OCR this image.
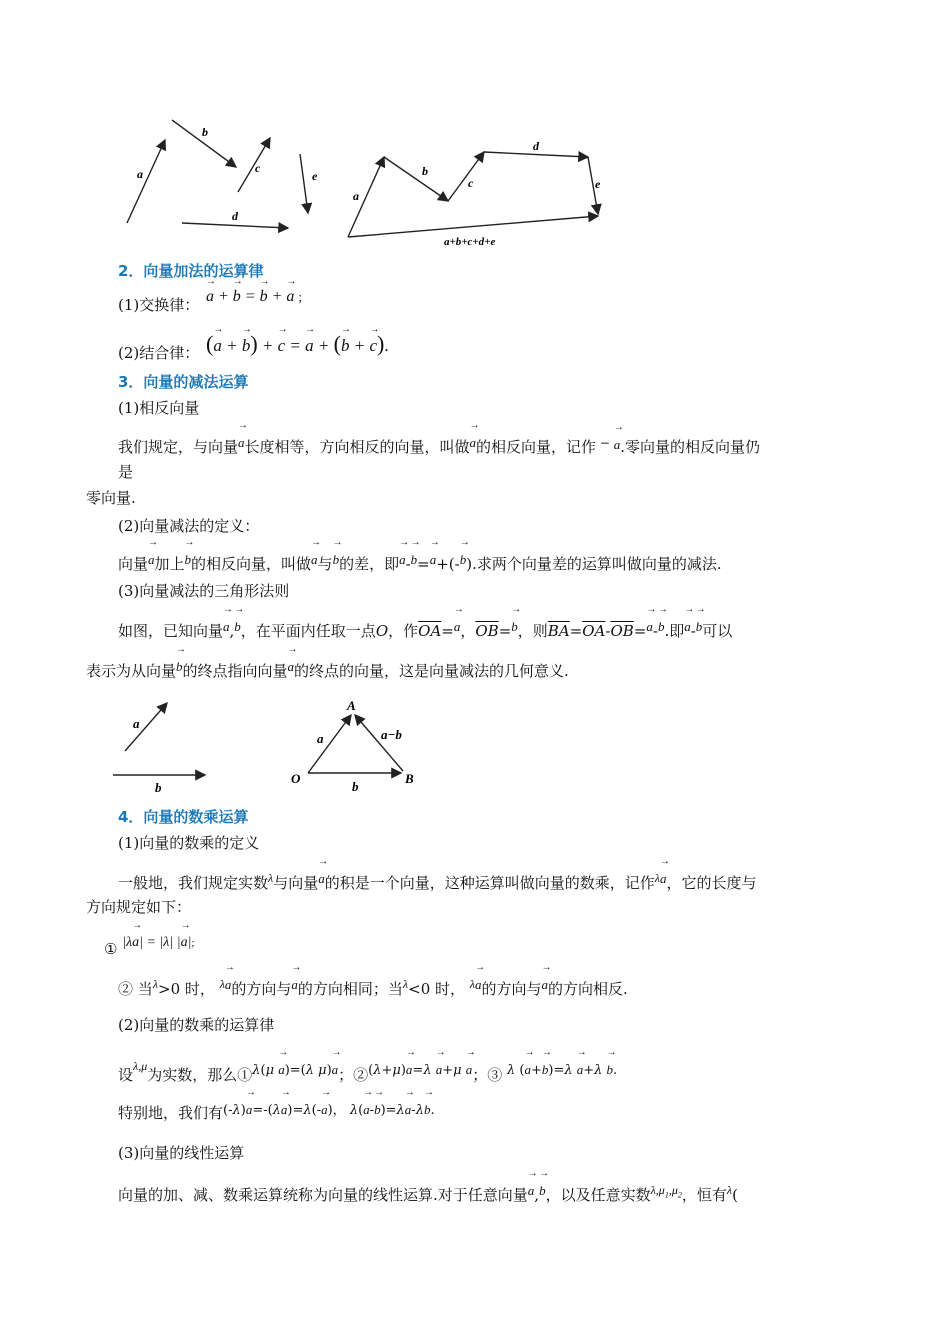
a
b
c
d
e
a
b
c
d
e
a+b+c+d+e
2．向量加法的运算律
(1)交换律： → a + → b = → b + → a ;
(2)结合律： (→ a + → b) + → c = → a + (→ b + → c).
3．向量的减法运算
(1)相反向量
我们规定，与向量→ a长度相等，方向相反的向量，叫做→ a的相反向量，记作 − → a.零向量的相反向量仍
是
零向量.
(2)向量减法的定义：
向量→ a加上→ b的相反向量，叫做→ a与→ b的差，即→ a-→ b=→ a+(-→ b).求两个向量差的运算叫做向量的减法.
(3)向量减法的三角形法则
如图，已知向量→ a,→ b，在平面内任取一点O，作$\overline{OA}=\to a$，$\overline{OB}=\to b$，则$\overline{BA}=\overline{OA}-\overline{OB}=\to a-\to b$.即→ a-→ b可以
表示为从向量→ b的终点指向向量→ a的终点的向量，这是向量减法的几何意义.
a
b
a	a−b
b
O
A
B
4．向量的数乘运算
(1)向量的数乘的定义
一般地，我们规定实数$^\lambda$与向量→ a的积是一个向量，这种运算叫做向量的数乘，记作$^\lambda$→ a，它的长度与
方向规定如下：
① |λ→ a| = |λ| |→ a|;
② 当$^\lambda$>0 时， $^\lambda$→ a的方向与→ a的方向相同；当$^\lambda$<0 时， $^\lambda$→ a的方向与→ a的方向相反.
(2)向量的数乘的运算律
设$^{\lambda,\mu}$为实数，那么①λ(μ → a)=(λ μ)→ a；②(λ+μ)→ a=λ → a+μ → a；③ λ (→ a+→ b)=λ → a+λ → b.
特别地，我们有(-λ)→ a=-(λ→ a)=λ(-→ a)， λ(→ a-→ b)=λ→ a-λ→ b.
(3)向量的线性运算
向量的加、减、数乘运算统称为向量的线性运算.对于任意向量→ a,→ b，以及任意实数$^{\lambda,\mu_1,\mu_2}$，恒有$^\lambda$(
